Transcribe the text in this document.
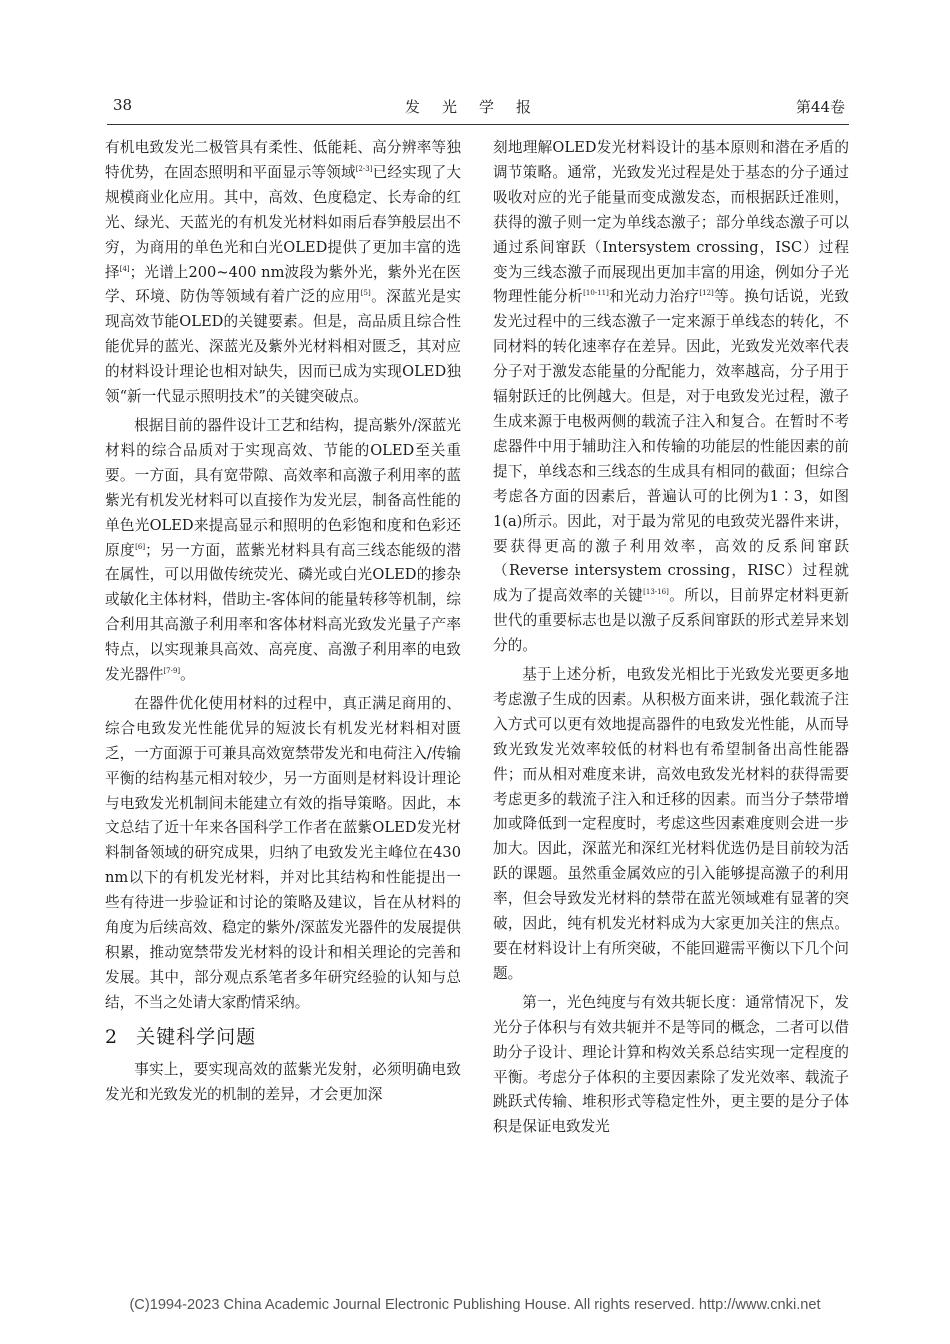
38	发光学报	第44卷

有机电致发光二极管具有柔性、低能耗、高分辨率等独特优势，在固态照明和平面显示等领域[2-3]已经实现了大规模商业化应用。其中，高效、色度稳定、长寿命的红光、绿光、天蓝光的有机发光材料如雨后春笋般层出不穷，为商用的单色光和白光OLED提供了更加丰富的选择[4]；光谱上200~400 nm波段为紫外光，紫外光在医学、环境、防伪等领域有着广泛的应用[5]。深蓝光是实现高效节能OLED的关键要素。但是，高品质且综合性能优异的蓝光、深蓝光及紫外光材料相对匮乏，其对应的材料设计理论也相对缺失，因而已成为实现OLED独领“新一代显示照明技术”的关键突破点。

根据目前的器件设计工艺和结构，提高紫外/深蓝光材料的综合品质对于实现高效、节能的OLED至关重要。一方面，具有宽带隙、高效率和高激子利用率的蓝紫光有机发光材料可以直接作为发光层，制备高性能的单色光OLED来提高显示和照明的色彩饱和度和色彩还原度[6]；另一方面，蓝紫光材料具有高三线态能级的潜在属性，可以用做传统荧光、磷光或白光OLED的掺杂或敏化主体材料，借助主-客体间的能量转移等机制，综合利用其高激子利用率和客体材料高光致发光量子产率特点，以实现兼具高效、高亮度、高激子利用率的电致发光器件[7-9]。

在器件优化使用材料的过程中，真正满足商用的、综合电致发光性能优异的短波长有机发光材料相对匮乏，一方面源于可兼具高效宽禁带发光和电荷注入/传输平衡的结构基元相对较少，另一方面则是材料设计理论与电致发光机制间未能建立有效的指导策略。因此，本文总结了近十年来各国科学工作者在蓝紫OLED发光材料制备领域的研究成果，归纳了电致发光主峰位在430 nm以下的有机发光材料，并对比其结构和性能提出一些有待进一步验证和讨论的策略及建议，旨在从材料的角度为后续高效、稳定的紫外/深蓝发光器件的发展提供积累，推动宽禁带发光材料的设计和相关理论的完善和发展。其中，部分观点系笔者多年研究经验的认知与总结，不当之处请大家酌情采纳。

2 关键科学问题

事实上，要实现高效的蓝紫光发射，必须明确电致发光和光致发光的机制的差异，才会更加深

刻地理解OLED发光材料设计的基本原则和潜在矛盾的调节策略。通常，光致发光过程是处于基态的分子通过吸收对应的光子能量而变成激发态，而根据跃迁准则，获得的激子则一定为单线态激子；部分单线态激子可以通过系间窜跃（Intersystem crossing，ISC）过程变为三线态激子而展现出更加丰富的用途，例如分子光物理性能分析[10-11]和光动力治疗[12]等。换句话说，光致发光过程中的三线态激子一定来源于单线态的转化，不同材料的转化速率存在差异。因此，光致发光效率代表分子对于激发态能量的分配能力，效率越高，分子用于辐射跃迁的比例越大。但是，对于电致发光过程，激子生成来源于电极两侧的载流子注入和复合。在暂时不考虑器件中用于辅助注入和传输的功能层的性能因素的前提下，单线态和三线态的生成具有相同的截面；但综合考虑各方面的因素后，普遍认可的比例为1∶3，如图1(a)所示。因此，对于最为常见的电致荧光器件来讲，要获得更高的激子利用效率，高效的反系间窜跃（Reverse intersystem crossing，RISC）过程就成为了提高效率的关键[13-16]。所以，目前界定材料更新世代的重要标志也是以激子反系间窜跃的形式差异来划分的。

基于上述分析，电致发光相比于光致发光要更多地考虑激子生成的因素。从积极方面来讲，强化载流子注入方式可以更有效地提高器件的电致发光性能，从而导致光致发光效率较低的材料也有希望制备出高性能器件；而从相对难度来讲，高效电致发光材料的获得需要考虑更多的载流子注入和迁移的因素。而当分子禁带增加或降低到一定程度时，考虑这些因素难度则会进一步加大。因此，深蓝光和深红光材料优选仍是目前较为活跃的课题。虽然重金属效应的引入能够提高激子的利用率，但会导致发光材料的禁带在蓝光领域难有显著的突破，因此，纯有机发光材料成为大家更加关注的焦点。要在材料设计上有所突破，不能回避需平衡以下几个问题。

第一，光色纯度与有效共轭长度：通常情况下，发光分子体积与有效共轭并不是等同的概念，二者可以借助分子设计、理论计算和构效关系总结实现一定程度的平衡。考虑分子体积的主要因素除了发光效率、载流子跳跃式传输、堆积形式等稳定性外，更主要的是分子体积是保证电致发光

(C)1994-2023 China Academic Journal Electronic Publishing House. All rights reserved. http://www.cnki.net
